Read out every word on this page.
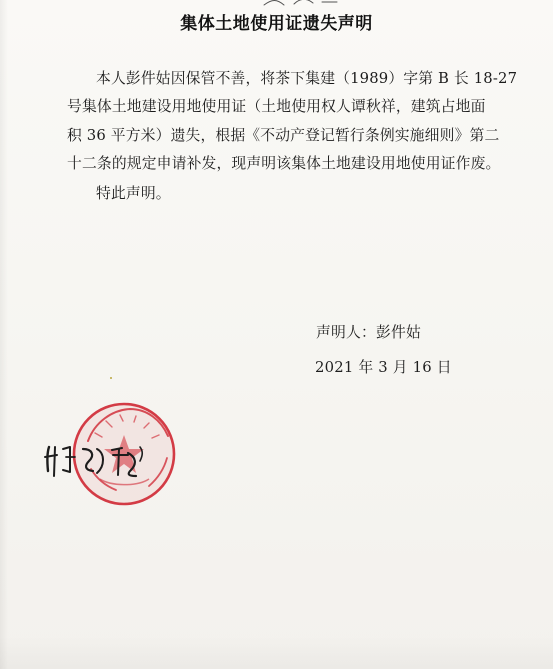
集体土地使用证遗失声明
本人彭件姑因保管不善，将茶下集建（1989）字第 B 长 18-27
号集体土地建设用地使用证（土地使用权人谭秋祥，建筑占地面
积 36 平方米）遗失，根据《不动产登记暂行条例实施细则》第二
十二条的规定申请补发，现声明该集体土地建设用地使用证作废。
特此声明。
声明人：彭件姑
2021 年 3 月 16 日
